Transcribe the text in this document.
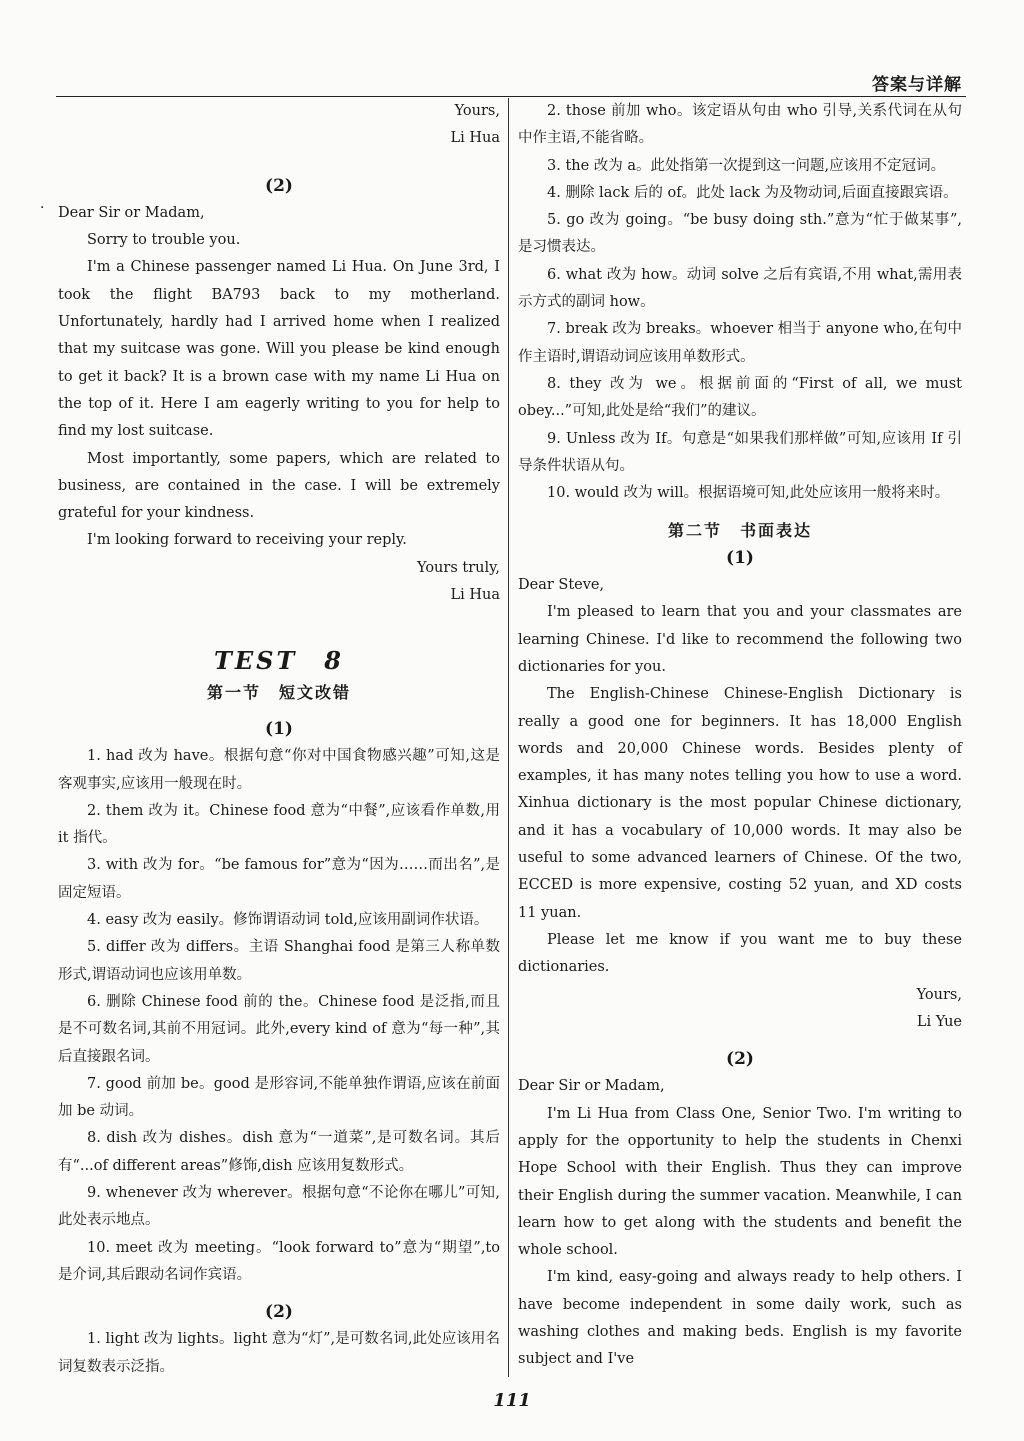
答案与详解
·

Yours,

Li Hua

(2)

Dear Sir or Madam,

Sorry to trouble you.

I'm a Chinese passenger named Li Hua. On June 3rd, I took the flight BA793 back to my motherland. Unfortunately, hardly had I arrived home when I realized that my suitcase was gone. Will you please be kind enough to get it back? It is a brown case with my name Li Hua on the top of it. Here I am eagerly writing to you for help to find my lost suitcase.

Most importantly, some papers, which are related to business, are contained in the case. I will be extremely grateful for your kindness.

I'm looking forward to receiving your reply.

Yours truly,

Li Hua

TEST　8

第一节　短文改错

(1)

1. had 改为 have。根据句意“你对中国食物感兴趣”可知,这是客观事实,应该用一般现在时。

2. them 改为 it。Chinese food 意为“中餐”,应该看作单数,用 it 指代。

3. with 改为 for。“be famous for”意为“因为……而出名”,是固定短语。

4. easy 改为 easily。修饰谓语动词 told,应该用副词作状语。

5. differ 改为 differs。主语 Shanghai food 是第三人称单数形式,谓语动词也应该用单数。

6. 删除 Chinese food 前的 the。Chinese food 是泛指,而且是不可数名词,其前不用冠词。此外,every kind of 意为“每一种”,其后直接跟名词。

7. good 前加 be。good 是形容词,不能单独作谓语,应该在前面加 be 动词。

8. dish 改为 dishes。dish 意为“一道菜”,是可数名词。其后有“...of different areas”修饰,dish 应该用复数形式。

9. whenever 改为 wherever。根据句意“不论你在哪儿”可知,此处表示地点。

10. meet 改为 meeting。“look forward to”意为“期望”,to 是介词,其后跟动名词作宾语。

(2)

1. light 改为 lights。light 意为“灯”,是可数名词,此处应该用名词复数表示泛指。

2. those 前加 who。该定语从句由 who 引导,关系代词在从句中作主语,不能省略。

3. the 改为 a。此处指第一次提到这一问题,应该用不定冠词。

4. 删除 lack 后的 of。此处 lack 为及物动词,后面直接跟宾语。

5. go 改为 going。“be busy doing sth.”意为“忙于做某事”,是习惯表达。

6. what 改为 how。动词 solve 之后有宾语,不用 what,需用表示方式的副词 how。

7. break 改为 breaks。whoever 相当于 anyone who,在句中作主语时,谓语动词应该用单数形式。

8. they 改为 we。根据前面的“First of all, we must obey...”可知,此处是给“我们”的建议。

9. Unless 改为 If。句意是“如果我们那样做”可知,应该用 If 引导条件状语从句。

10. would 改为 will。根据语境可知,此处应该用一般将来时。

第二节　书面表达

(1)

Dear Steve,

I'm pleased to learn that you and your classmates are learning Chinese. I'd like to recommend the following two dictionaries for you.

The English-Chinese Chinese-English Dictionary is really a good one for beginners. It has 18,000 English words and 20,000 Chinese words. Besides plenty of examples, it has many notes telling you how to use a word. Xinhua dictionary is the most popular Chinese dictionary, and it has a vocabulary of 10,000 words. It may also be useful to some advanced learners of Chinese. Of the two, ECCED is more expensive, costing 52 yuan, and XD costs 11 yuan.

Please let me know if you want me to buy these dictionaries.

Yours,

Li Yue

(2)

Dear Sir or Madam,

I'm Li Hua from Class One, Senior Two. I'm writing to apply for the opportunity to help the students in Chenxi Hope School with their English. Thus they can improve their English during the summer vacation. Meanwhile, I can learn how to get along with the students and benefit the whole school.

I'm kind, easy-going and always ready to help others. I have become independent in some daily work, such as washing clothes and making beds. English is my favorite subject and I've

111
